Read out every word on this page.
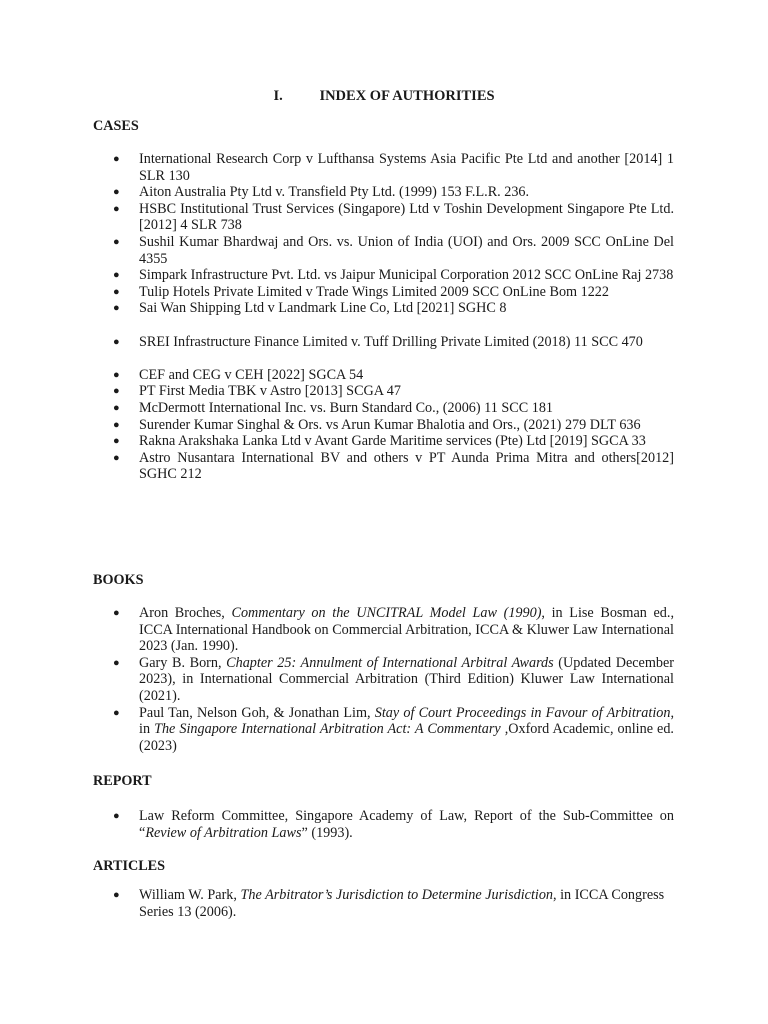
I.	INDEX OF AUTHORITIES
CASES
●	International Research Corp v Lufthansa Systems Asia Pacific Pte Ltd and another [2014] 1 SLR 130
●	Aiton Australia Pty Ltd v. Transfield Pty Ltd. (1999) 153 F.L.R. 236.
●	HSBC Institutional Trust Services (Singapore) Ltd v Toshin Development Singapore Pte Ltd. [2012] 4 SLR 738
●	Sushil Kumar Bhardwaj and Ors. vs. Union of India (UOI) and Ors. 2009 SCC OnLine Del 4355
●	Simpark Infrastructure Pvt. Ltd. vs Jaipur Municipal Corporation 2012 SCC OnLine Raj 2738
●	Tulip Hotels Private Limited v Trade Wings Limited 2009 SCC OnLine Bom 1222
●	Sai Wan Shipping Ltd v Landmark Line Co, Ltd [2021] SGHC 8
●	SREI Infrastructure Finance Limited v. Tuff Drilling Private Limited (2018) 11 SCC 470
●	CEF and CEG v CEH [2022] SGCA 54
●	PT First Media TBK v Astro [2013] SCGA 47
●	McDermott International Inc. vs. Burn Standard Co., (2006) 11 SCC 181
●	Surender Kumar Singhal & Ors. vs Arun Kumar Bhalotia and Ors., (2021) 279 DLT 636
●	Rakna Arakshaka Lanka Ltd v Avant Garde Maritime services (Pte) Ltd [2019] SGCA 33
●	Astro Nusantara International BV and others v PT Aunda Prima Mitra and others[2012] SGHC 212
BOOKS
●	Aron Broches, Commentary on the UNCITRAL Model Law (1990), in Lise Bosman ed., ICCA International Handbook on Commercial Arbitration, ICCA & Kluwer Law International 2023 (Jan. 1990).
●	Gary B. Born, Chapter 25: Annulment of International Arbitral Awards (Updated December 2023), in International Commercial Arbitration (Third Edition) Kluwer Law International (2021).
●	Paul Tan, Nelson Goh, & Jonathan Lim, Stay of Court Proceedings in Favour of Arbitration, in The Singapore International Arbitration Act: A Commentary ,Oxford Academic, online ed. (2023)
REPORT
●	Law Reform Committee, Singapore Academy of Law, Report of the Sub-Committee on “Review of Arbitration Laws” (1993).
ARTICLES
●	William W. Park, The Arbitrator’s Jurisdiction to Determine Jurisdiction, in ICCA Congress Series 13 (2006).
